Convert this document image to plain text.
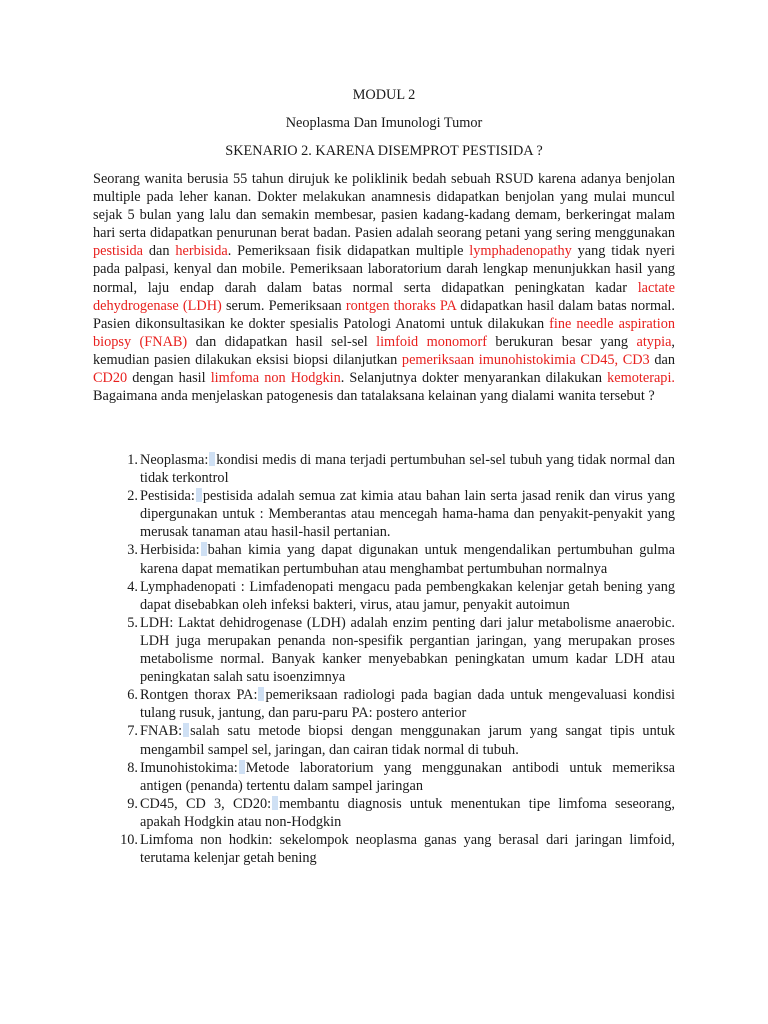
MODUL 2
Neoplasma Dan Imunologi Tumor
SKENARIO 2. KARENA DISEMPROT PESTISIDA ?
Seorang wanita berusia 55 tahun dirujuk ke poliklinik bedah sebuah RSUD karena adanya benjolan multiple pada leher kanan. Dokter melakukan anamnesis didapatkan benjolan yang mulai muncul sejak 5 bulan yang lalu dan semakin membesar, pasien kadang-kadang demam, berkeringat malam hari serta didapatkan penurunan berat badan. Pasien adalah seorang petani yang sering menggunakan pestisida dan herbisida. Pemeriksaan fisik didapatkan multiple lymphadenopathy yang tidak nyeri pada palpasi, kenyal dan mobile. Pemeriksaan laboratorium darah lengkap menunjukkan hasil yang normal, laju endap darah dalam batas normal serta didapatkan peningkatan kadar lactate dehydrogenase (LDH) serum. Pemeriksaan rontgen thoraks PA didapatkan hasil dalam batas normal. Pasien dikonsultasikan ke dokter spesialis Patologi Anatomi untuk dilakukan fine needle aspiration biopsy (FNAB) dan didapatkan hasil sel-sel limfoid monomorf berukuran besar yang atypia, kemudian pasien dilakukan eksisi biopsi dilanjutkan pemeriksaan imunohistokimia CD45, CD3 dan CD20 dengan hasil limfoma non Hodgkin. Selanjutnya dokter menyarankan dilakukan kemoterapi. Bagaimana anda menjelaskan patogenesis dan tatalaksana kelainan yang dialami wanita tersebut ?
1. Neoplasma: kondisi medis di mana terjadi pertumbuhan sel-sel tubuh yang tidak normal dan tidak terkontrol
2. Pestisida: pestisida adalah semua zat kimia atau bahan lain serta jasad renik dan virus yang dipergunakan untuk : Memberantas atau mencegah hama-hama dan penyakit-penyakit yang merusak tanaman atau hasil-hasil pertanian.
3. Herbisida: bahan kimia yang dapat digunakan untuk mengendalikan pertumbuhan gulma karena dapat mematikan pertumbuhan atau menghambat pertumbuhan normalnya
4. Lymphadenopati : Limfadenopati mengacu pada pembengkakan kelenjar getah bening yang dapat disebabkan oleh infeksi bakteri, virus, atau jamur, penyakit autoimun
5. LDH: Laktat dehidrogenase (LDH) adalah enzim penting dari jalur metabolisme anaerobic. LDH juga merupakan penanda non-spesifik pergantian jaringan, yang merupakan proses metabolisme normal. Banyak kanker menyebabkan peningkatan umum kadar LDH atau peningkatan salah satu isoenzimnya
6. Rontgen thorax PA: pemeriksaan radiologi pada bagian dada untuk mengevaluasi kondisi tulang rusuk, jantung, dan paru-paru PA: postero anterior
7. FNAB: salah satu metode biopsi dengan menggunakan jarum yang sangat tipis untuk mengambil sampel sel, jaringan, dan cairan tidak normal di tubuh.
8. Imunohistokima: Metode laboratorium yang menggunakan antibodi untuk memeriksa antigen (penanda) tertentu dalam sampel jaringan
9. CD45, CD 3, CD20: membantu diagnosis untuk menentukan tipe limfoma seseorang, apakah Hodgkin atau non-Hodgkin
10. Limfoma non hodkin: sekelompok neoplasma ganas yang berasal dari jaringan limfoid, terutama kelenjar getah bening
